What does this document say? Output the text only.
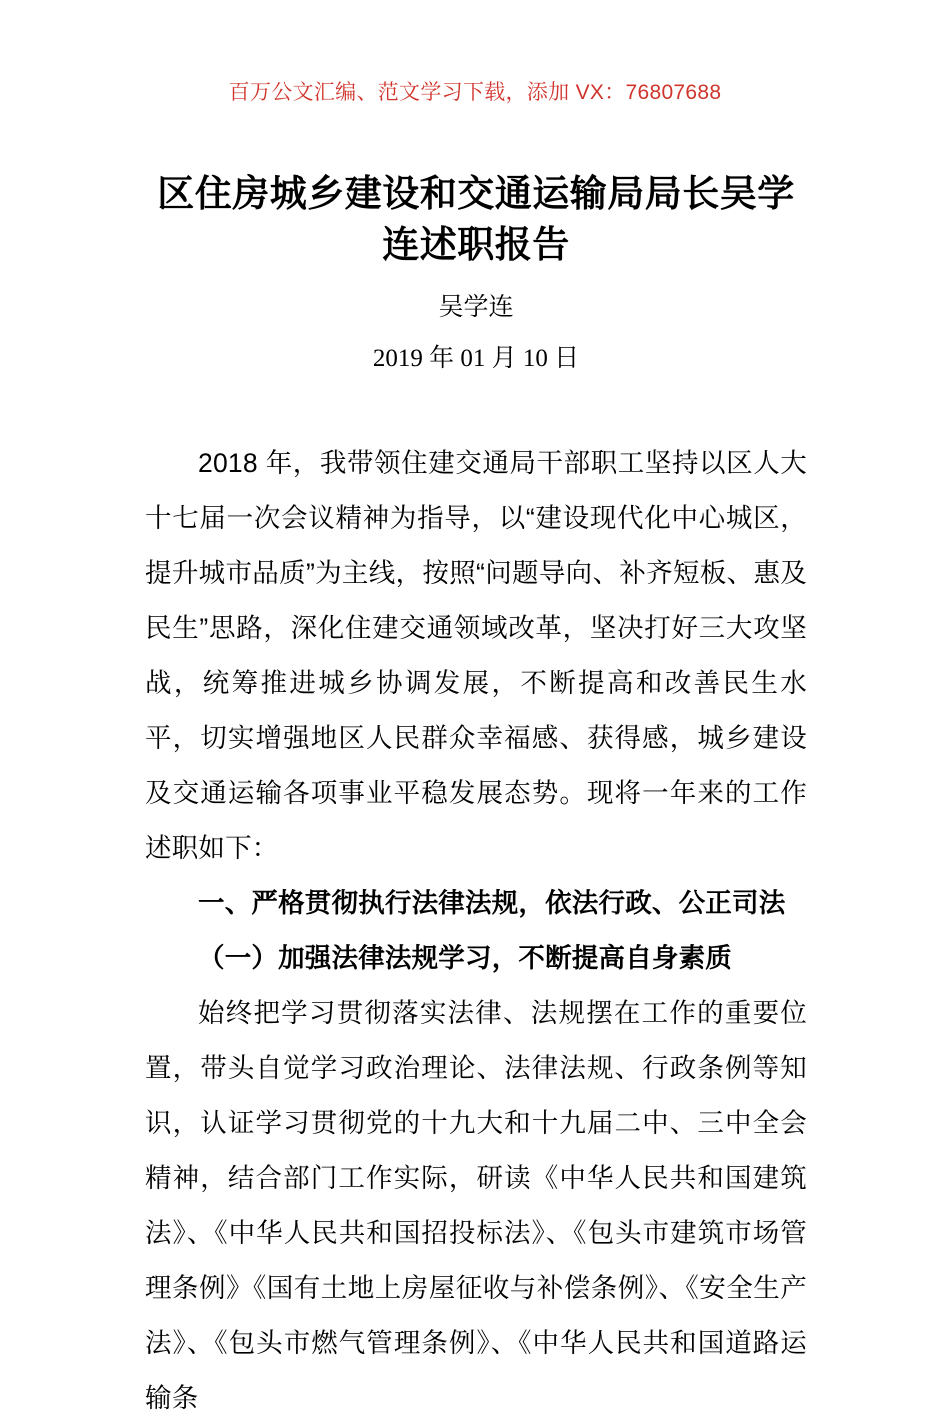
百万公文汇编、范文学习下载，添加 VX：76807688
区住房城乡建设和交通运输局局长吴学连述职报告

吴学连

2019 年 01 月 10 日

2018 年，我带领住建交通局干部职工坚持以区人大十七届一次会议精神为指导，以“建设现代化中心城区，提升城市品质”为主线，按照“问题导向、补齐短板、惠及民生”思路，深化住建交通领域改革，坚决打好三大攻坚战，统筹推进城乡协调发展，不断提高和改善民生水平，切实增强地区人民群众幸福感、获得感，城乡建设及交通运输各项事业平稳发展态势。现将一年来的工作述职如下：

一、严格贯彻执行法律法规，依法行政、公正司法

（一）加强法律法规学习，不断提高自身素质

始终把学习贯彻落实法律、法规摆在工作的重要位置，带头自觉学习政治理论、法律法规、行政条例等知识，认证学习贯彻党的十九大和十九届二中、三中全会精神，结合部门工作实际，研读《中华人民共和国建筑法》、《中华人民共和国招投标法》、《包头市建筑市场管理条例》《国有土地上房屋征收与补偿条例》、《安全生产法》、《包头市燃气管理条例》、《中华人民共和国道路运输条
